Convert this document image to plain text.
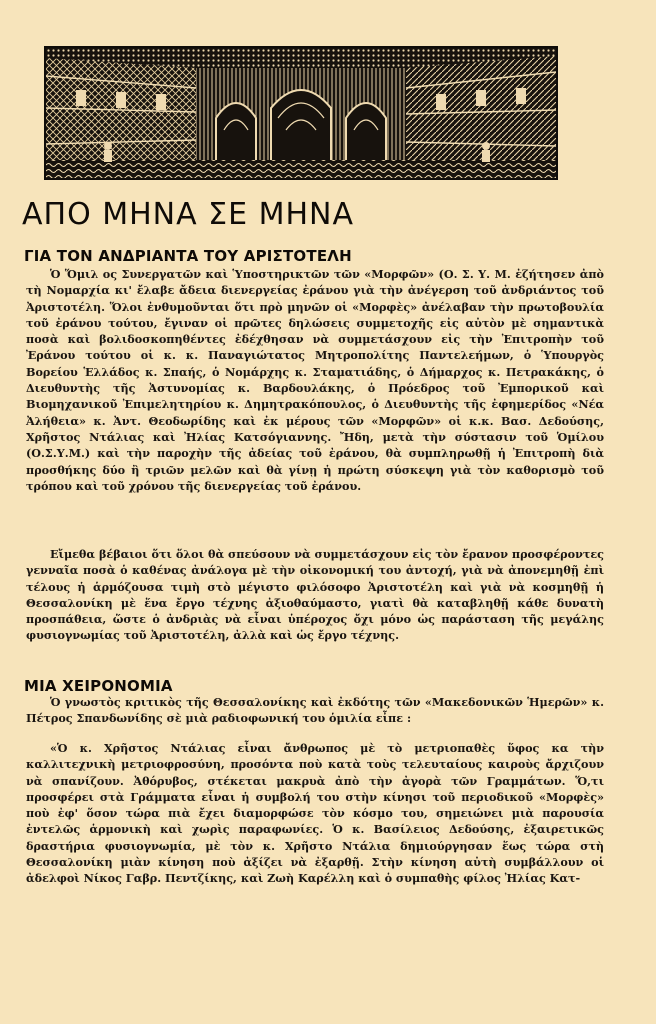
ΑΠΟ ΜΗΝΑ ΣΕ ΜΗΝΑ
ΓΙΑ ΤΟΝ ΑΝΔΡΙΑΝΤΑ ΤΟΥ ΑΡΙΣΤΟΤΕΛΗ

Ὁ Ὅμιλ ος Συνεργατῶν καὶ Ὑποστηρικτῶν τῶν «Μορφῶν» (Ο. Σ. Υ. Μ. ἐζήτησεν ἀπὸ τὴ Νομαρχία κι' ἔλαβε ἄδεια διενεργείας ἐράνου γιὰ τὴν ἀνέγερση τοῦ ἀνδριάντος τοῦ Ἀριστοτέλη. Ὅλοι ἐνθυμοῦνται ὅτι πρὸ μηνῶν οἱ «Μορφὲς» ἀνέλαβαν τὴν πρωτοβουλία τοῦ ἐράνου τούτου, ἔγιναν οἱ πρῶτες δηλώσεις συμμετοχῆς εἰς αὐτὸν μὲ σημαντικὰ ποσὰ καὶ βολιδοσκοπηθέντες ἐδέχθησαν νὰ συμμετάσχουν εἰς τὴν Ἐπιτροπὴν τοῦ Ἐράνου τούτου οἱ κ. κ. Παναγιώτατος Μητροπολίτης Παντελεήμων, ὁ Ὑπουργὸς Βορείου Ἑλλάδος κ. Σπαής, ὁ Νομάρχης κ. Σταματιάδης, ὁ Δήμαρχος κ. Πετρακάκης, ὁ Διευθυντὴς τῆς Ἀστυνομίας κ. Βαρδουλάκης, ὁ Πρόεδρος τοῦ Ἐμπορικοῦ καὶ Βιομηχανικοῦ Ἐπιμελητηρίου κ. Δημητρακόπουλος, ὁ Διευθυντὴς τῆς ἐφημερίδος «Νέα Ἀλήθεια» κ. Ἀντ. Θεοδωρίδης καὶ ἐκ μέρους τῶν «Μορφῶν» οἱ κ.κ. Βασ. Δεδούσης, Χρῆστος Ντάλιας καὶ Ἠλίας Κατσόγιαννης. Ἤδη, μετὰ τὴν σύστασιν τοῦ Ὁμίλου (Ο.Σ.Υ.Μ.) καὶ τὴν παροχὴν τῆς ἀδείας τοῦ ἐράνου, θὰ συμπληρωθῇ ἡ Ἐπιτροπὴ διὰ προσθήκης δύο ἢ τριῶν μελῶν καὶ θὰ γίνῃ ἡ πρώτη σύσκεψη γιὰ τὸν καθορισμὸ τοῦ τρόπου καὶ τοῦ χρόνου τῆς διενεργείας τοῦ ἐράνου.

Εἴμεθα βέβαιοι ὅτι ὅλοι θὰ σπεύσουν νὰ συμμετάσχουν εἰς τὸν ἔρανον προσφέροντες γενναῖα ποσὰ ὁ καθένας ἀνάλογα μὲ τὴν οἰκονομική του ἀντοχή, γιὰ νὰ ἀπονεμηθῇ ἐπὶ τέλους ἡ ἁρμόζουσα τιμὴ στὸ μέγιστο φιλόσοφο Ἀριστοτέλη καὶ γιὰ νὰ κοσμηθῇ ἡ Θεσσαλονίκη μὲ ἕνα ἔργο τέχνης ἀξιοθαύμαστο, γιατὶ θὰ καταβληθῇ κάθε δυνατὴ προσπάθεια, ὥστε ὁ ἀνδριὰς νὰ εἶναι ὑπέροχος ὄχι μόνο ὡς παράσταση τῆς μεγάλης φυσιογνωμίας τοῦ Ἀριστοτέλη, ἀλλὰ καὶ ὡς ἔργο τέχνης.

ΜΙΑ ΧΕΙΡΟΝΟΜΙΑ

Ὁ γνωστὸς κριτικὸς τῆς Θεσσαλονίκης καὶ ἐκδότης τῶν «Μακεδονικῶν Ἡμερῶν» κ. Πέτρος Σπανδωνίδης σὲ μιὰ ραδιοφωνική του ὁμιλία εἶπε :

«Ὁ κ. Χρῆστος Ντάλιας εἶναι ἄνθρωπος μὲ τὸ μετριοπαθὲς ὕφος κα τὴν καλλιτεχνικὴ μετριοφροσύνη, προσόντα ποὺ κατὰ τοὺς τελευταίους καιροὺς ἄρχιζουν νὰ σπανίζουν. Ἀθόρυβος, στέκεται μακρυὰ ἀπὸ τὴν ἀγορὰ τῶν Γραμμάτων. Ὅ,τι προσφέρει στὰ Γράμματα εἶναι ἡ συμβολή του στὴν κίνησι τοῦ περιοδικοῦ «Μορφὲς» ποὺ ἐφ' ὅσον τώρα πιὰ ἔχει διαμορφώσε τὸν κόσμο του, σημειώνει μιὰ παρουσία ἐντελῶς ἁρμονικὴ καὶ χωρὶς παραφωνίες. Ὁ κ. Βασίλειος Δεδούσης, ἐξαιρετικῶς δραστήρια φυσιογνωμία, μὲ τὸν κ. Χρῆστο Ντάλια δημιούργησαν ἕως τώρα στὴ Θεσσαλονίκη μιὰν κίνηση ποὺ ἀξίζει νὰ ἐξαρθῇ. Στὴν κίνηση αὐτὴ συμβάλλουν οἱ ἀδελφοὶ Νίκος Γαβρ. Πεντζίκης, καὶ Ζωὴ Καρέλλη καὶ ὁ συμπαθὴς φίλος Ἠλίας Κατ-
